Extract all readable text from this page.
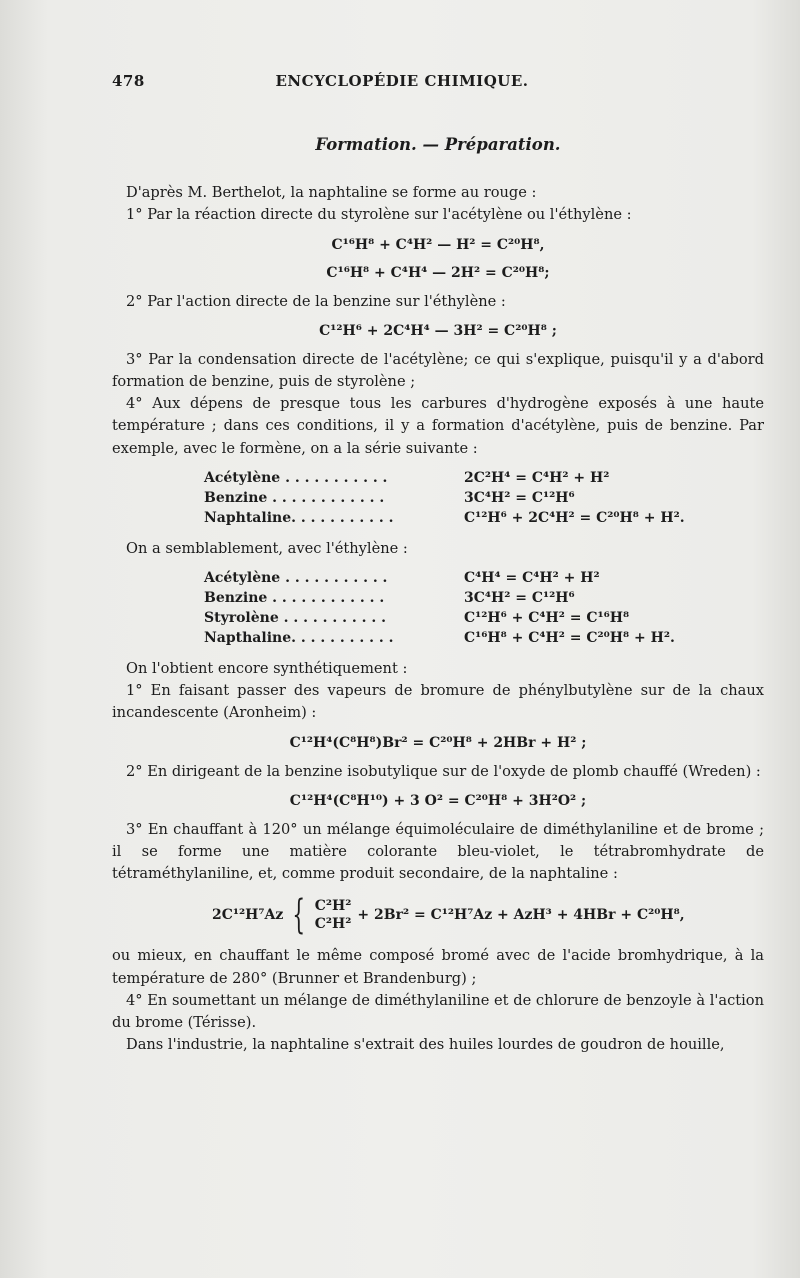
478	ENCYCLOPÉDIE CHIMIQUE.
Formation. — Préparation.

D'après M. Berthelot, la naphtaline se forme au rouge :

1° Par la réaction directe du styrolène sur l'acétylène ou l'éthylène :

C¹⁶H⁸ + C⁴H² — H² = C²⁰H⁸,
C¹⁶H⁸ + C⁴H⁴ — 2H² = C²⁰H⁸;

2° Par l'action directe de la benzine sur l'éthylène :

C¹²H⁶ + 2C⁴H⁴ — 3H² = C²⁰H⁸ ;

3° Par la condensation directe de l'acétylène; ce qui s'explique, puisqu'il y a d'abord formation de benzine, puis de styrolène ;

4° Aux dépens de presque tous les carbures d'hydrogène exposés à une haute température ; dans ces conditions, il y a formation d'acétylène, puis de benzine. Par exemple, avec le formène, on a la série suivante :

Acétylène . . . . . . . . . . .	2C²H⁴ = C⁴H² + H²
Benzine . . . . . . . . . . . .	3C⁴H² = C¹²H⁶
Naphtaline. . . . . . . . . . .	C¹²H⁶ + 2C⁴H² = C²⁰H⁸ + H².

On a semblablement, avec l'éthylène :

Acétylène . . . . . . . . . . .	C⁴H⁴ = C⁴H² + H²
Benzine . . . . . . . . . . . .	3C⁴H² = C¹²H⁶
Styrolène . . . . . . . . . . .	C¹²H⁶ + C⁴H² = C¹⁶H⁸
Napthaline. . . . . . . . . . .	C¹⁶H⁸ + C⁴H² = C²⁰H⁸ + H².

On l'obtient encore synthétiquement :

1° En faisant passer des vapeurs de bromure de phénylbutylène sur de la chaux incandescente (Aronheim) :

C¹²H⁴(C⁸H⁸)Br² = C²⁰H⁸ + 2HBr + H² ;

2° En dirigeant de la benzine isobutylique sur de l'oxyde de plomb chauffé (Wreden) :

C¹²H⁴(C⁸H¹⁰) + 3 O² = C²⁰H⁸ + 3H²O² ;

3° En chauffant à 120° un mélange équimoléculaire de diméthylaniline et de brome ; il se forme une matière colorante bleu-violet, le tétrabromhydrate de tétraméthylaniline, et, comme produit secondaire, de la naphtaline :

2C¹²H⁷Az { C²H²
C²H²
+ 2Br² = C¹²H⁷Az + AzH³ + 4HBr + C²⁰H⁸,

ou mieux, en chauffant le même composé bromé avec de l'acide bromhydrique, à la température de 280° (Brunner et Brandenburg) ;

4° En soumettant un mélange de diméthylaniline et de chlorure de benzoyle à l'action du brome (Térisse).

Dans l'industrie, la naphtaline s'extrait des huiles lourdes de goudron de houille,
